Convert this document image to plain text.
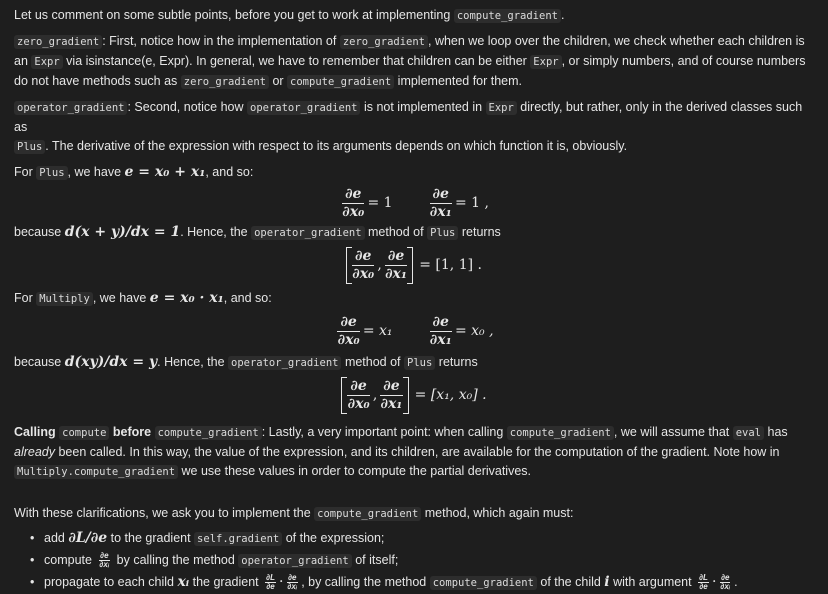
Let us comment on some subtle points, before you get to work at implementing compute_gradient .

zero_gradient : First, notice how in the implementation of zero_gradient , when we loop over the children, we check whether each children is

an Expr via isinstance(e, Expr). In general, we have to remember that children can be either Expr , or simply numbers, and of course numbers

do not have methods such as zero_gradient or compute_gradient implemented for them.

operator_gradient : Second, notice how operator_gradient is not implemented in Expr directly, but rather, only in the derived classes such as

Plus . The derivative of the expression with respect to its arguments depends on which function it is, obviously.

For Plus , we have e = x₀ + x₁, and so:

$\frac{\partial e}{\text{∂x₀}} = 1$	$\frac{\partial e}{\text{∂x₁}} = 1$ ,

because d(x + y)/dx = 1. Hence, the operator_gradient method of Plus returns

$\frac{\partial e}{\text{∂x₀}}$ , $\frac{\partial e}{\text{∂x₁}} = [1$, 1] .

For Multiply , we have e = x₀ · x₁, and so:

$\frac{\partial e}{\text{∂x₀}} = x_1$	$\frac{\partial e}{\text{∂x₁}} = x_0$ ,

because d(xy)/dx = y. Hence, the operator_gradient method of Plus returns

$\frac{\partial e}{\text{∂x₀}}$ , $\frac{\partial e}{\text{∂x₁}} = [x_1$, x₀] .

Calling compute before compute_gradient : Lastly, a very important point: when calling compute_gradient , we will assume that eval has

already been called. In this way, the value of the expression, and its children, are available for the computation of the gradient. Note how in

Multiply.compute_gradient we use these values in order to compute the partial derivatives.

With these clarifications, we ask you to implement the compute_gradient method, which again must:

• add ∂L/∂e to the gradient self.gradient of the expression;
• compute $\frac{\partial e}{\text{∂xᵢ}}$ by calling the method operator_gradient of itself;
• propagate to each child xᵢ the gradient $\frac{\partial L}{\partial e} \cdot \frac{\partial e}{\text{∂xᵢ}}$ , by calling the method compute_gradient of the child i with argument $\frac{\partial L}{\partial e} \cdot \frac{\partial e}{\text{∂xᵢ}}$ .
